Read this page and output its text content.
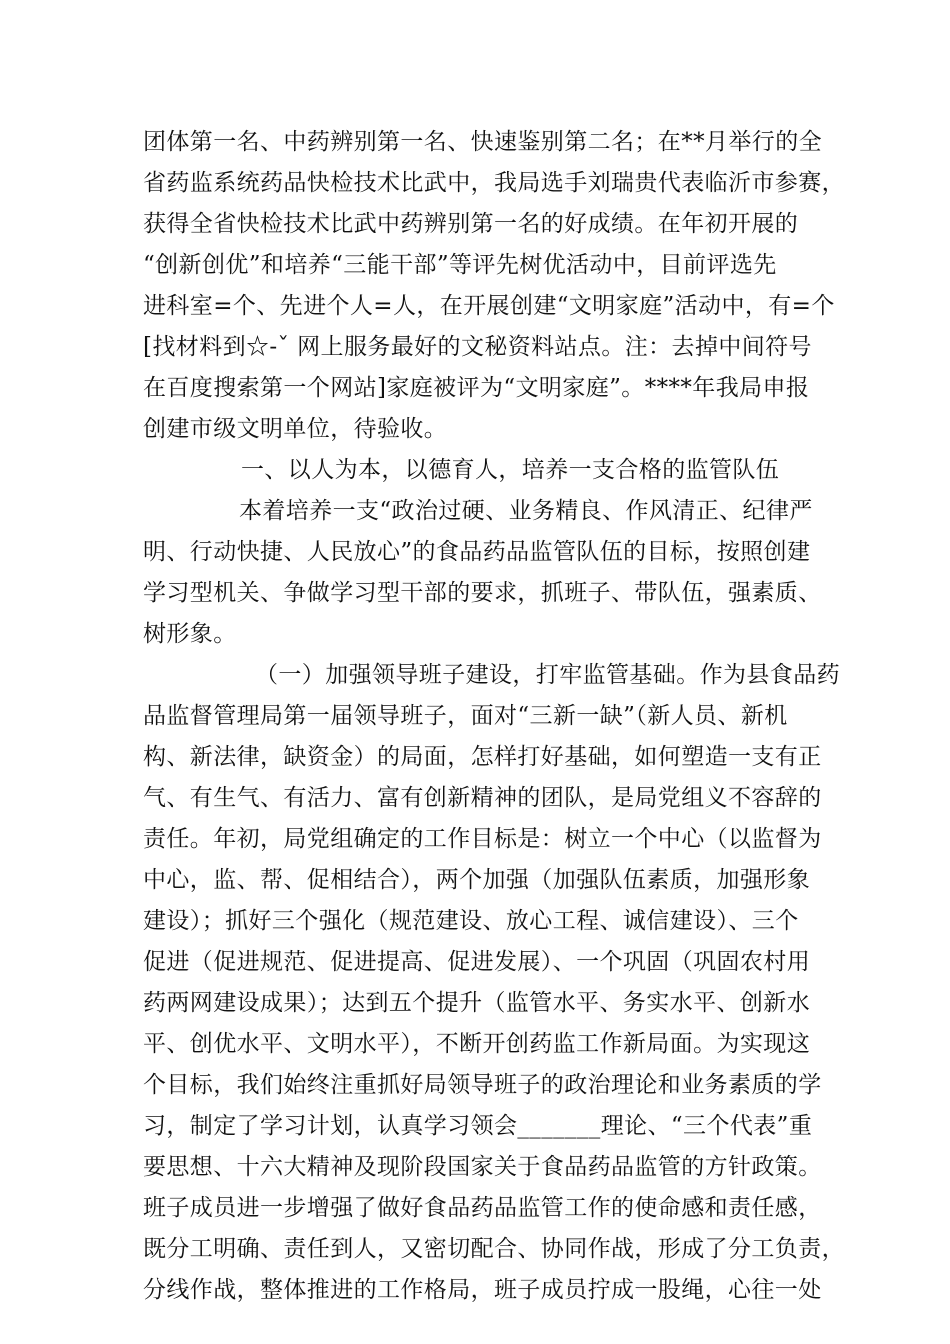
团体第一名、中药辨别第一名、快速鉴别第二名；在**月举行的全
省药监系统药品快检技术比武中，我局选手刘瑞贵代表临沂市参赛，
获得全省快检技术比武中药辨别第一名的好成绩。在年初开展的
“创新创优”和培养“三能干部”等评先树优活动中，目前评选先
进科室=个、先进个人=人，在开展创建“文明家庭”活动中，有=个
[找材料到☆-ˇ 网上服务最好的文秘资料站点。注：去掉中间符号
在百度搜索第一个网站]家庭被评为“文明家庭”。****年我局申报
创建市级文明单位，待验收。
一、以人为本，以德育人，培养一支合格的监管队伍
本着培养一支“政治过硬、业务精良、作风清正、纪律严
明、行动快捷、人民放心”的食品药品监管队伍的目标，按照创建
学习型机关、争做学习型干部的要求，抓班子、带队伍，强素质、
树形象。
（一）加强领导班子建设，打牢监管基础。作为县食品药
品监督管理局第一届领导班子，面对“三新一缺”（新人员、新机
构、新法律，缺资金）的局面，怎样打好基础，如何塑造一支有正
气、有生气、有活力、富有创新精神的团队，是局党组义不容辞的
责任。年初，局党组确定的工作目标是：树立一个中心（以监督为
中心，监、帮、促相结合），两个加强（加强队伍素质，加强形象
建设）；抓好三个强化（规范建设、放心工程、诚信建设）、三个
促进（促进规范、促进提高、促进发展）、一个巩固（巩固农村用
药两网建设成果）；达到五个提升（监管水平、务实水平、创新水
平、创优水平、文明水平），不断开创药监工作新局面。为实现这
个目标，我们始终注重抓好局领导班子的政治理论和业务素质的学
习，制定了学习计划，认真学习领会_______理论、“三个代表”重
要思想、十六大精神及现阶段国家关于食品药品监管的方针政策。
班子成员进一步增强了做好食品药品监管工作的使命感和责任感，
既分工明确、责任到人，又密切配合、协同作战，形成了分工负责，
分线作战，整体推进的工作格局，班子成员拧成一股绳，心往一处
